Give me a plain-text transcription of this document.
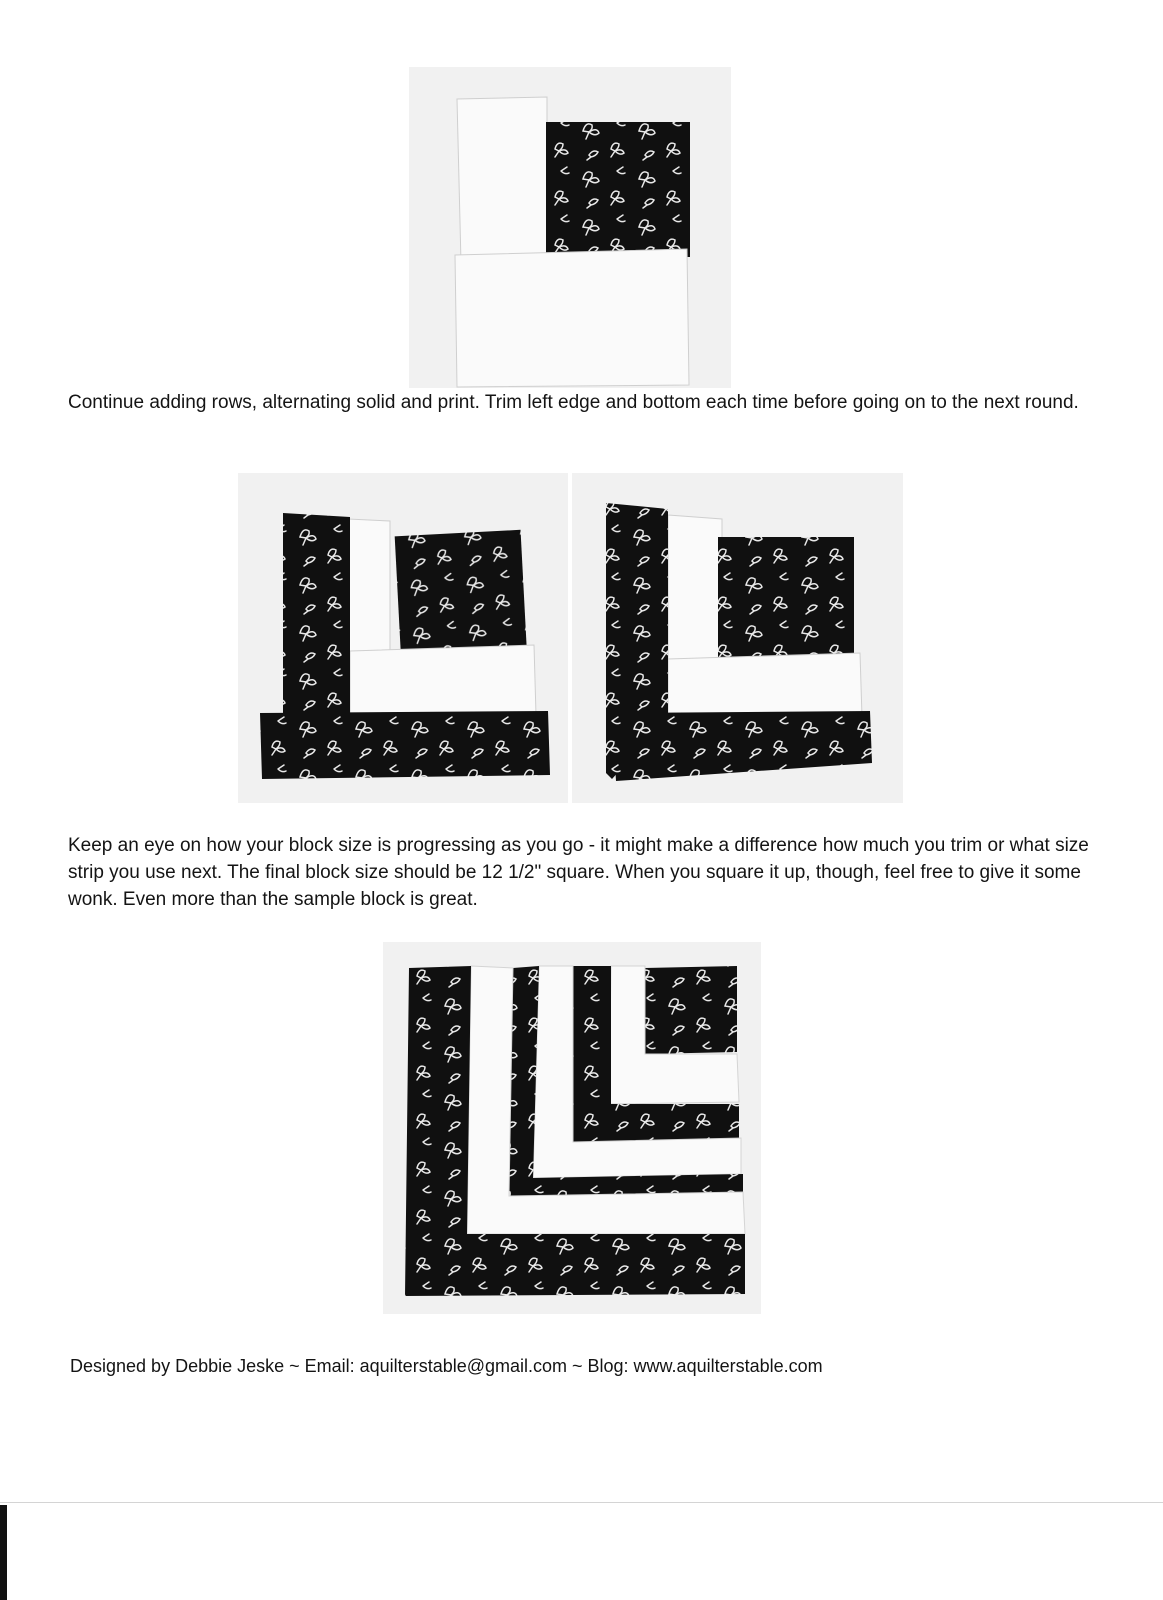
Continue adding rows, alternating solid and print. Trim left edge and bottom each time before going on to the next round.

Keep an eye on how your block size is progressing as you go - it might make a difference how much you trim or what size strip you use next. The final block size should be 12 1/2" square. When you square it up, though, feel free to give it some wonk. Even more than the sample block is great.

Designed by Debbie Jeske ~ Email: aquilterstable@gmail.com ~ Blog: www.aquilterstable.com
